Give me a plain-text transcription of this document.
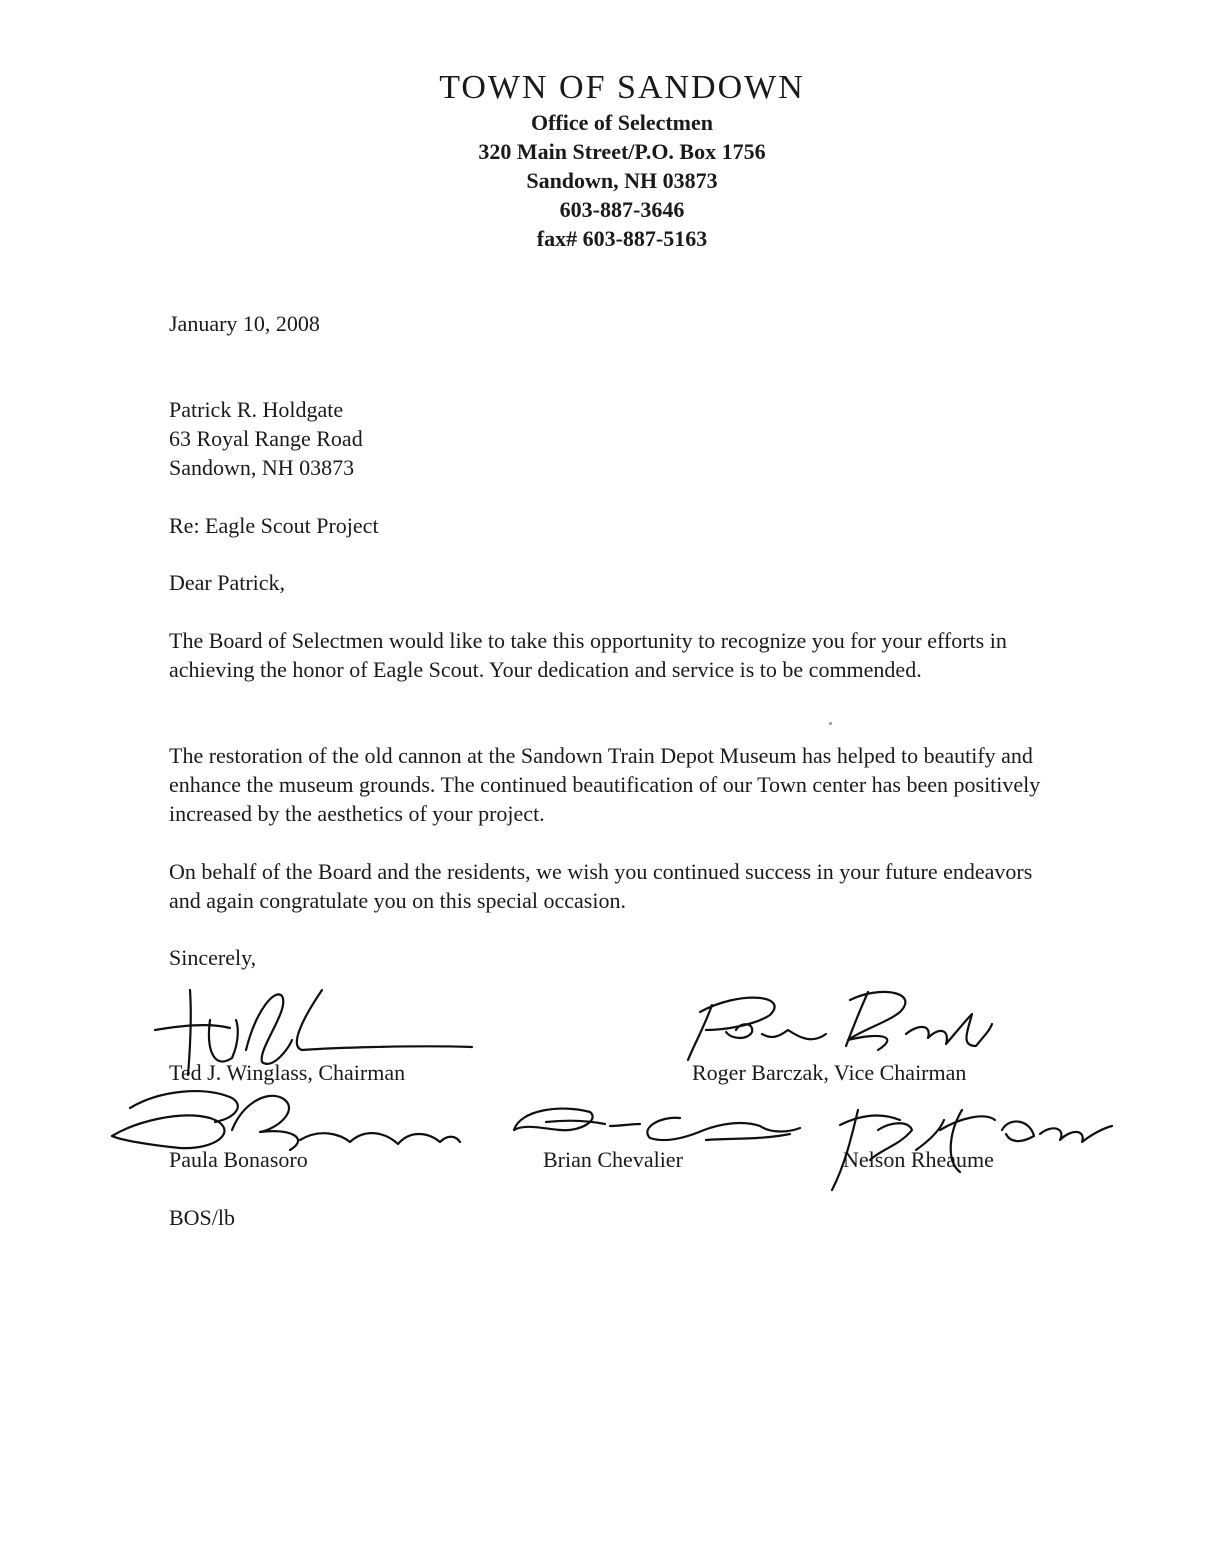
TOWN OF SANDOWN
Office of Selectmen
320 Main Street/P.O. Box 1756
Sandown, NH 03873
603-887-3646
fax# 603-887-5163
January 10, 2008
Patrick R. Holdgate
63 Royal Range Road
Sandown, NH 03873
Re: Eagle Scout Project
Dear Patrick,
The Board of Selectmen would like to take this opportunity to recognize you for your efforts in achieving the honor of Eagle Scout. Your dedication and service is to be commended.
The restoration of the old cannon at the Sandown Train Depot Museum has helped to beautify and enhance the museum grounds. The continued beautification of our Town center has been positively increased by the aesthetics of your project.
On behalf of the Board and the residents, we wish you continued success in your future endeavors and again congratulate you on this special occasion.
Sincerely,
Ted J. Winglass, Chairman	Roger Barczak, Vice Chairman
Paula Bonasoro	Brian Chevalier	Nelson Rheaume
BOS/lb
